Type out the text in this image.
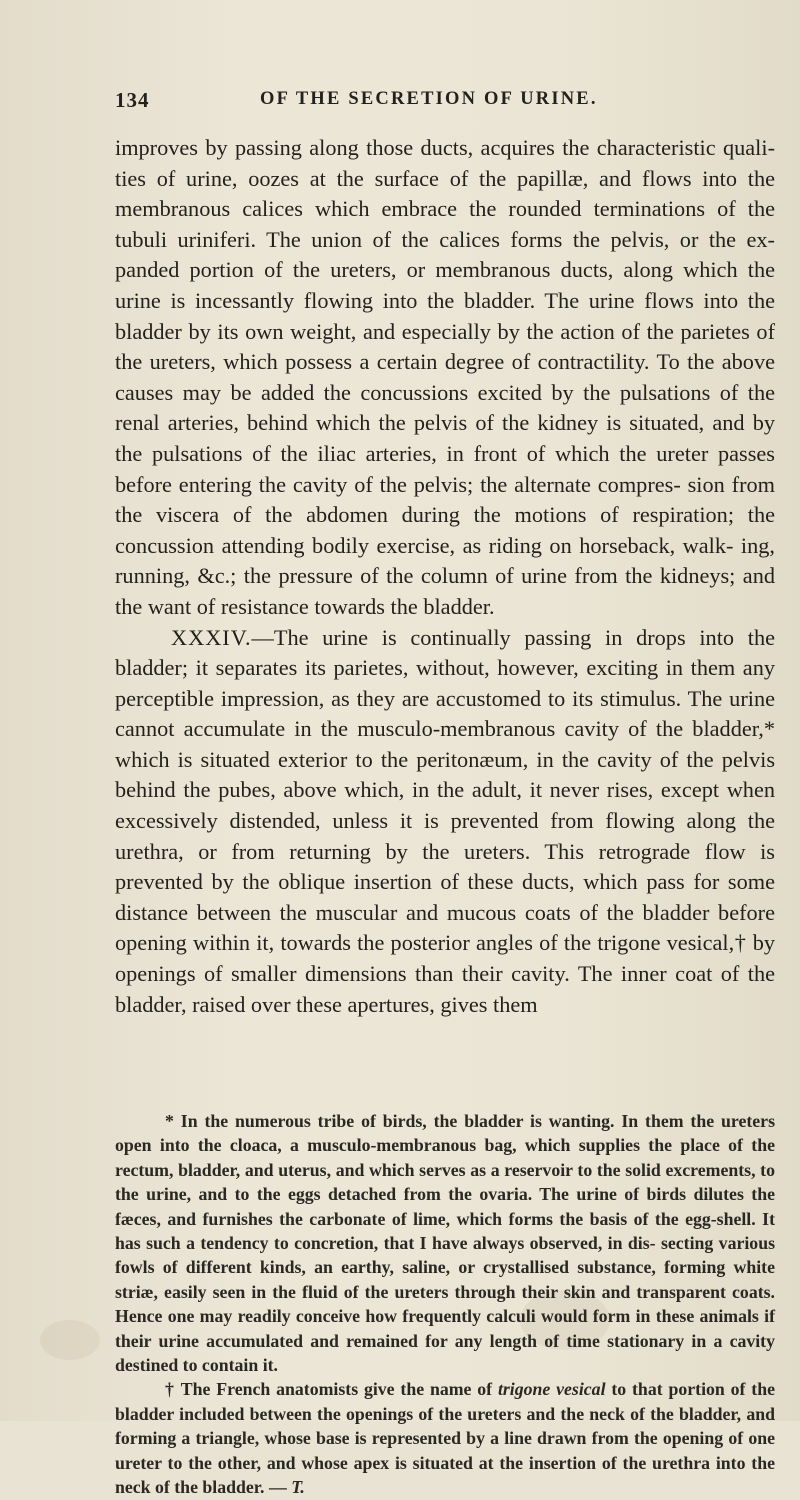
134	OF THE SECRETION OF URINE.

improves by passing along those ducts, acquires the characteristic quali- ties of urine, oozes at the surface of the papillæ, and flows into the membranous calices which embrace the rounded terminations of the tubuli uriniferi. The union of the calices forms the pelvis, or the ex- panded portion of the ureters, or membranous ducts, along which the urine is incessantly flowing into the bladder. The urine flows into the bladder by its own weight, and especially by the action of the parietes of the ureters, which possess a certain degree of contractility. To the above causes may be added the concussions excited by the pulsations of the renal arteries, behind which the pelvis of the kidney is situated, and by the pulsations of the iliac arteries, in front of which the ureter passes before entering the cavity of the pelvis; the alternate compres- sion from the viscera of the abdomen during the motions of respiration; the concussion attending bodily exercise, as riding on horseback, walk- ing, running, &c.; the pressure of the column of urine from the kidneys; and the want of resistance towards the bladder.

XXXIV.—The urine is continually passing in drops into the bladder; it separates its parietes, without, however, exciting in them any perceptible impression, as they are accustomed to its stimulus. The urine cannot accumulate in the musculo-membranous cavity of the bladder,* which is situated exterior to the peritonæum, in the cavity of the pelvis behind the pubes, above which, in the adult, it never rises, except when excessively distended, unless it is prevented from flowing along the urethra, or from returning by the ureters. This retrograde flow is prevented by the oblique insertion of these ducts, which pass for some distance between the muscular and mucous coats of the bladder before opening within it, towards the posterior angles of the trigone vesical,† by openings of smaller dimensions than their cavity. The inner coat of the bladder, raised over these apertures, gives them

* In the numerous tribe of birds, the bladder is wanting. In them the ureters open into the cloaca, a musculo-membranous bag, which supplies the place of the rectum, bladder, and uterus, and which serves as a reservoir to the solid excrements, to the urine, and to the eggs detached from the ovaria. The urine of birds dilutes the fæces, and furnishes the carbonate of lime, which forms the basis of the egg-shell. It has such a tendency to concretion, that I have always observed, in dis- secting various fowls of different kinds, an earthy, saline, or crystallised substance, forming white striæ, easily seen in the fluid of the ureters through their skin and transparent coats. Hence one may readily conceive how frequently calculi would form in these animals if their urine accumulated and remained for any length of time stationary in a cavity destined to contain it.

† The French anatomists give the name of trigone vesical to that portion of the bladder included between the openings of the ureters and the neck of the bladder, and forming a triangle, whose base is represented by a line drawn from the opening of one ureter to the other, and whose apex is situated at the insertion of the urethra into the neck of the bladder. — T.
